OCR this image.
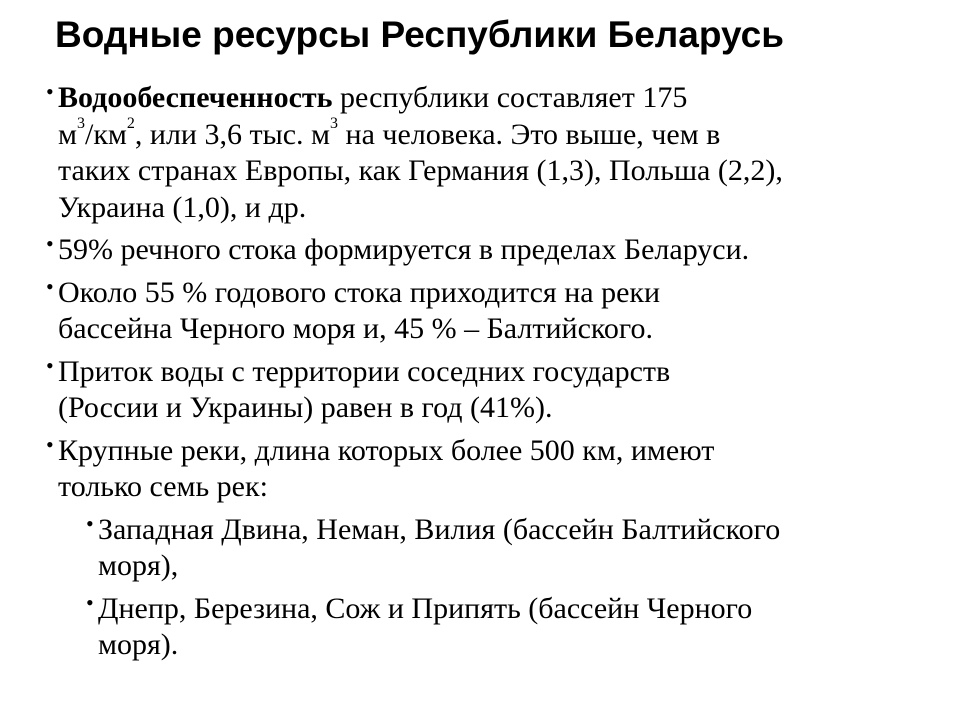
Водные ресурсы Республики Беларусь
• Водообеспеченность республики составляет 175
$м^3/км^2$, или 3,6 тыс. $м^3$ на человека. Это выше, чем в
таких странах Европы, как Германия (1,3), Польша (2,2),
Украина (1,0), и др.
• 59% речного стока формируется в пределах Беларуси.
• Около 55 % годового стока приходится на реки
бассейна Черного моря и, 45 % – Балтийского.
• Приток воды с территории соседних государств
(России и Украины) равен в год (41%).
• Крупные реки, длина которых более 500 км, имеют
только семь рек:
• Западная Двина, Неман, Вилия (бассейн Балтийского
моря),
• Днепр, Березина, Сож и Припять (бассейн Черного
моря).
